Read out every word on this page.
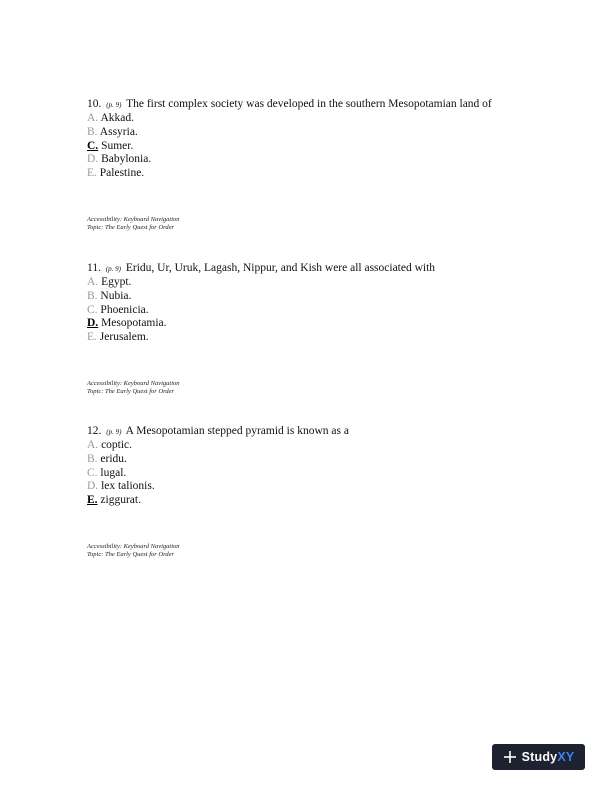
10. (p. 9) The first complex society was developed in the southern Mesopotamian land of
A. Akkad.
B. Assyria.
C. Sumer.
D. Babylonia.
E. Palestine.
Accessibility: Keyboard Navigation
Topic: The Early Quest for Order
11. (p. 9) Eridu, Ur, Uruk, Lagash, Nippur, and Kish were all associated with
A. Egypt.
B. Nubia.
C. Phoenicia.
D. Mesopotamia.
E. Jerusalem.
Accessibility: Keyboard Navigation
Topic: The Early Quest for Order
12. (p. 9) A Mesopotamian stepped pyramid is known as a
A. coptic.
B. eridu.
C. lugal.
D. lex talionis.
E. ziggurat.
Accessibility: Keyboard Navigation
Topic: The Early Quest for Order
StudyXY
